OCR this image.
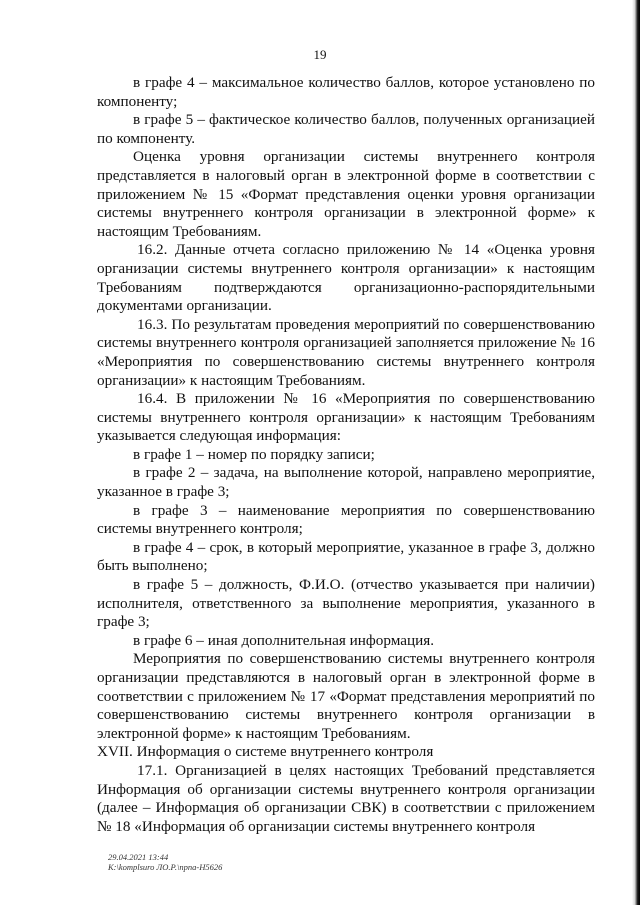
19

в графе 4 – максимальное количество баллов, которое установлено по компоненту;

в графе 5 – фактическое количество баллов, полученных организацией по компоненту.

Оценка уровня организации системы внутреннего контроля представляется в налоговый орган в электронной форме в соответствии с приложением № 15 «Формат представления оценки уровня организации системы внутреннего контроля организации в электронной форме» к настоящим Требованиям.

16.2. Данные отчета согласно приложению № 14 «Оценка уровня организации системы внутреннего контроля организации» к настоящим Требованиям подтверждаются организационно-распорядительными документами организации.

16.3. По результатам проведения мероприятий по совершенствованию системы внутреннего контроля организацией заполняется приложение № 16 «Мероприятия по совершенствованию системы внутреннего контроля организации» к настоящим Требованиям.

16.4. В приложении № 16 «Мероприятия по совершенствованию системы внутреннего контроля организации» к настоящим Требованиям указывается следующая информация:

в графе 1 – номер по порядку записи;

в графе 2 – задача, на выполнение которой, направлено мероприятие, указанное в графе 3;

в графе 3 – наименование мероприятия по совершенствованию системы внутреннего контроля;

в графе 4 – срок, в который мероприятие, указанное в графе 3, должно быть выполнено;

в графе 5 – должность, Ф.И.О. (отчество указывается при наличии) исполнителя, ответственного за выполнение мероприятия, указанного в графе 3;

в графе 6 – иная дополнительная информация.

Мероприятия по совершенствованию системы внутреннего контроля организации представляются в налоговый орган в электронной форме в соответствии с приложением № 17 «Формат представления мероприятий по совершенствованию системы внутреннего контроля организации в электронной форме» к настоящим Требованиям.

XVII. Информация о системе внутреннего контроля

17.1. Организацией в целях настоящих Требований представляется Информация об организации системы внутреннего контроля организации (далее – Информация об организации СВК) в соответствии с приложением № 18 «Информация об организации системы внутреннего контроля

29.04.2021 13:44
К:\komplsuro ЛО.Р.\npna-H5626
